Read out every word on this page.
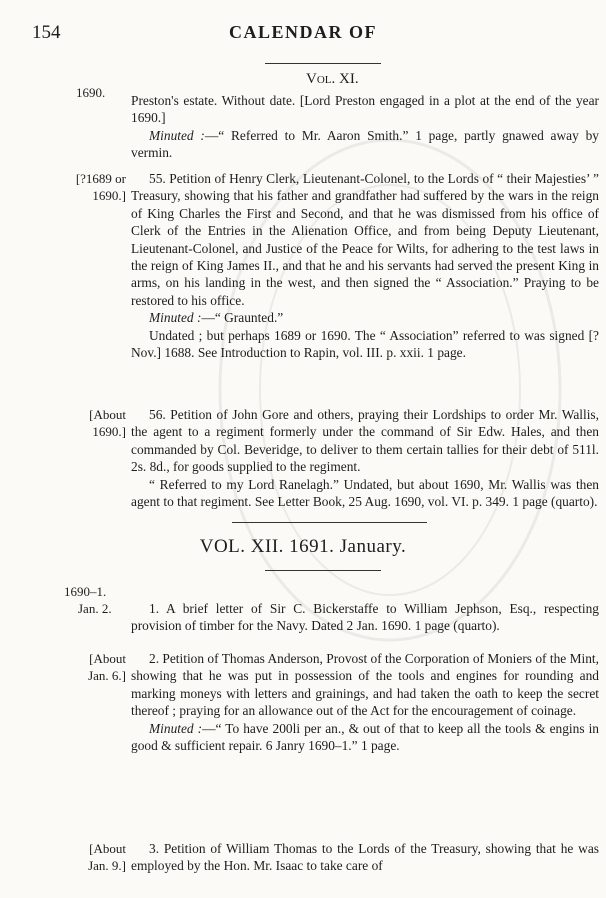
154	CALENDAR OF
Vol. XI.
1690.

Preston's estate. Without date. [Lord Preston engaged in a plot at the end of the year 1690.]

Minuted :—“ Referred to Mr. Aaron Smith.” 1 page, partly gnawed away by vermin.

[?1689 or
1690.]

55. Petition of Henry Clerk, Lieutenant-Colonel, to the Lords of “ their Majesties’ ” Treasury, showing that his father and grandfather had suffered by the wars in the reign of King Charles the First and Second, and that he was dismissed from his office of Clerk of the Entries in the Alienation Office, and from being Deputy Lieutenant, Lieutenant-Colonel, and Justice of the Peace for Wilts, for adhering to the test laws in the reign of King James II., and that he and his servants had served the present King in arms, on his landing in the west, and then signed the “ Association.” Praying to be restored to his office.

Minuted :—“ Graunted.”

Undated ; but perhaps 1689 or 1690. The “ Association” referred to was signed [? Nov.] 1688. See Introduction to Rapin, vol. III. p. xxii. 1 page.

[About
1690.]

56. Petition of John Gore and others, praying their Lordships to order Mr. Wallis, the agent to a regiment formerly under the command of Sir Edw. Hales, and then commanded by Col. Beveridge, to deliver to them certain tallies for their debt of 511l. 2s. 8d., for goods supplied to the regiment.

“ Referred to my Lord Ranelagh.” Undated, but about 1690, Mr. Wallis was then agent to that regiment. See Letter Book, 25 Aug. 1690, vol. VI. p. 349. 1 page (quarto).

VOL. XII. 1691. January.
1690–1.
Jan. 2.	1. A brief letter of Sir C. Bickerstaffe to William Jephson, Esq., respecting provision of timber for the Navy. Dated 2 Jan. 1690. 1 page (quarto).

[About
Jan. 6.]

2. Petition of Thomas Anderson, Provost of the Corporation of Moniers of the Mint, showing that he was put in possession of the tools and engines for rounding and marking moneys with letters and grainings, and had taken the oath to keep the secret thereof ; praying for an allowance out of the Act for the encouragement of coinage.

Minuted :—“ To have 200li per an., & out of that to keep all the tools & engins in good & sufficient repair. 6 Janry 1690–1.” 1 page.

[About
Jan. 9.]

3. Petition of William Thomas to the Lords of the Treasury, showing that he was employed by the Hon. Mr. Isaac to take care of
